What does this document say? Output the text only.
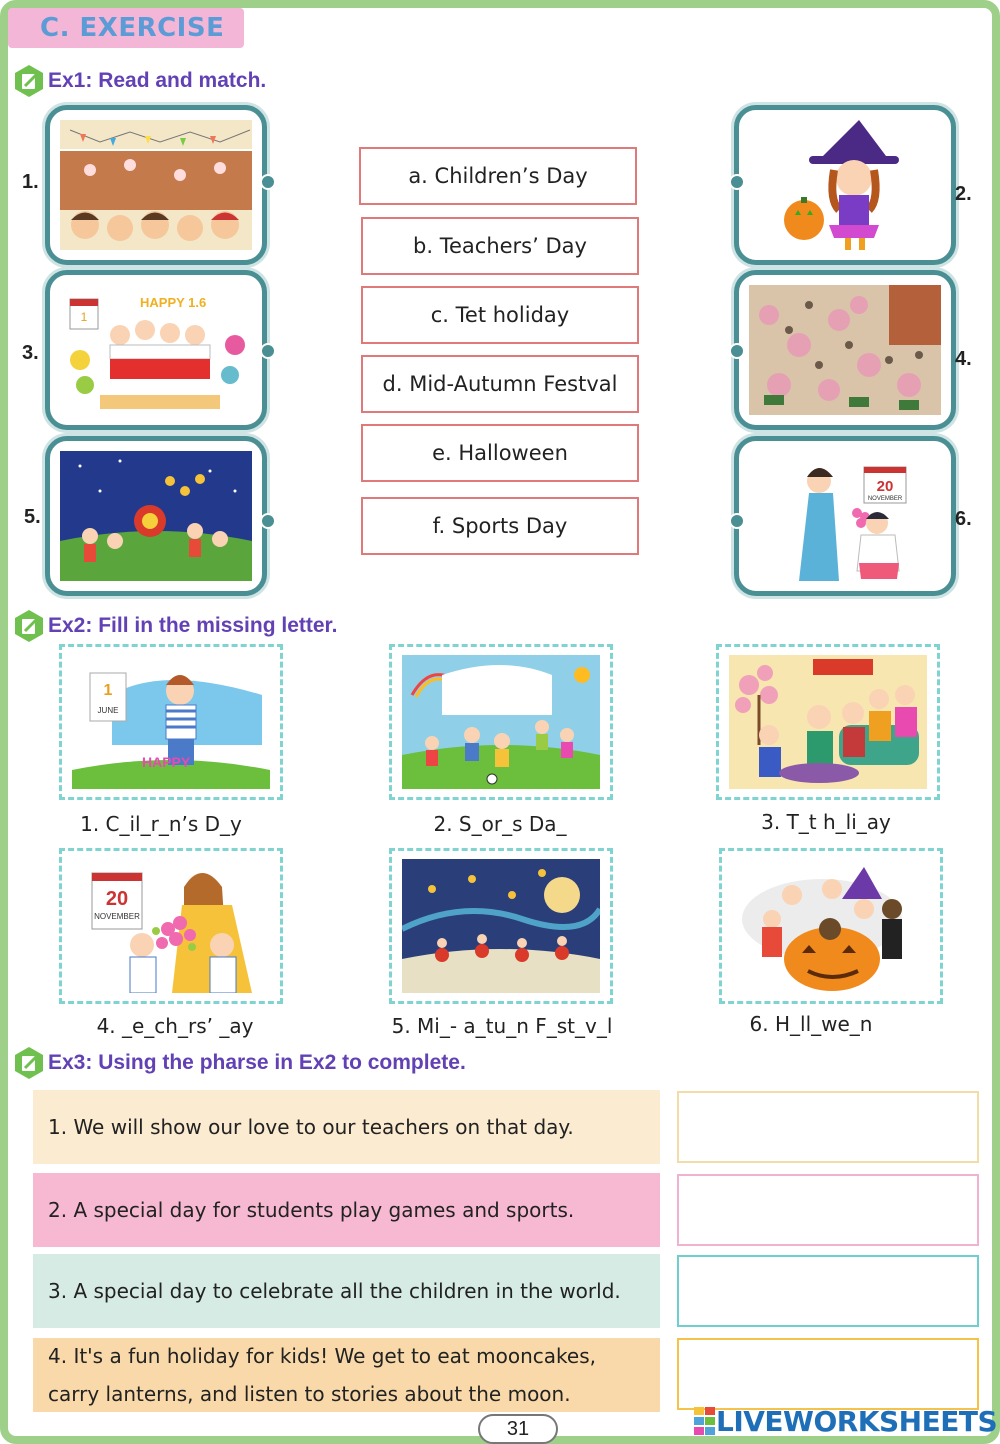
C. EXERCISE
Ex1: Read and match.
1.
2.
1
HAPPY 1.6
3.	4.
5.
20
NOVEMBER
6.
a. Children’s Day
b. Teachers’ Day
c. Tet holiday
d. Mid-Autumn Festval
e. Halloween
f. Sports Day
Ex2: Fill in the missing letter.
1
JUNE
HAPPY
1. C_il_r_n’s D_y	2. S_or_s Da_	3. T_t h_li_ay
20
NOVEMBER
4. _e_ch_rs’ _ay	5. Mi_- a_tu_n F_st_v_l	6. H_ll_we_n
Ex3: Using the pharse in Ex2 to complete.
1. We will show our love to our teachers on that day.
2. A special day for students play games and sports.
3. A special day to celebrate all the children in the world.
4. It's a fun holiday for kids! We get to eat mooncakes,
carry lanterns, and listen to stories about the moon.
31	LIVEWORKSHEETS
